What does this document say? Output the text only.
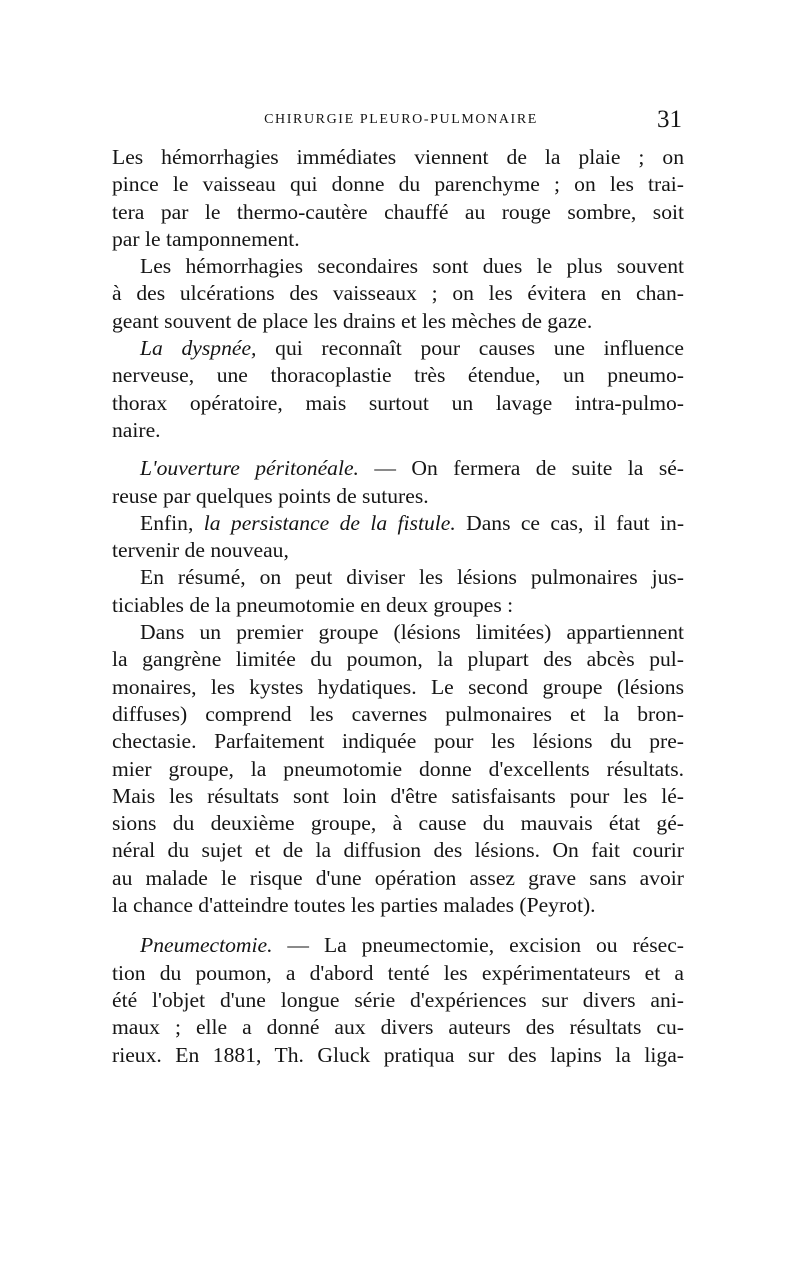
CHIRURGIE PLEURO-PULMONAIRE	31
Les hémorrhagies immédiates viennent de la plaie ; on
pince le vaisseau qui donne du parenchyme ; on les trai-
tera par le thermo-cautère chauffé au rouge sombre, soit
par le tamponnement.
Les hémorrhagies secondaires sont dues le plus souvent
à des ulcérations des vaisseaux ; on les évitera en chan-
geant souvent de place les drains et les mèches de gaze.
La dyspnée, qui reconnaît pour causes une influence
nerveuse, une thoracoplastie très étendue, un pneumo-
thorax opératoire, mais surtout un lavage intra-pulmo-
naire.
L'ouverture péritonéale. — On fermera de suite la sé-
reuse par quelques points de sutures.
Enfin, la persistance de la fistule. Dans ce cas, il faut in-
tervenir de nouveau,
En résumé, on peut diviser les lésions pulmonaires jus-
ticiables de la pneumotomie en deux groupes :
Dans un premier groupe (lésions limitées) appartiennent
la gangrène limitée du poumon, la plupart des abcès pul-
monaires, les kystes hydatiques. Le second groupe (lésions
diffuses) comprend les cavernes pulmonaires et la bron-
chectasie. Parfaitement indiquée pour les lésions du pre-
mier groupe, la pneumotomie donne d'excellents résultats.
Mais les résultats sont loin d'être satisfaisants pour les lé-
sions du deuxième groupe, à cause du mauvais état gé-
néral du sujet et de la diffusion des lésions. On fait courir
au malade le risque d'une opération assez grave sans avoir
la chance d'atteindre toutes les parties malades (Peyrot).
Pneumectomie. — La pneumectomie, excision ou résec-
tion du poumon, a d'abord tenté les expérimentateurs et a
été l'objet d'une longue série d'expériences sur divers ani-
maux ; elle a donné aux divers auteurs des résultats cu-
rieux. En 1881, Th. Gluck pratiqua sur des lapins la liga-
